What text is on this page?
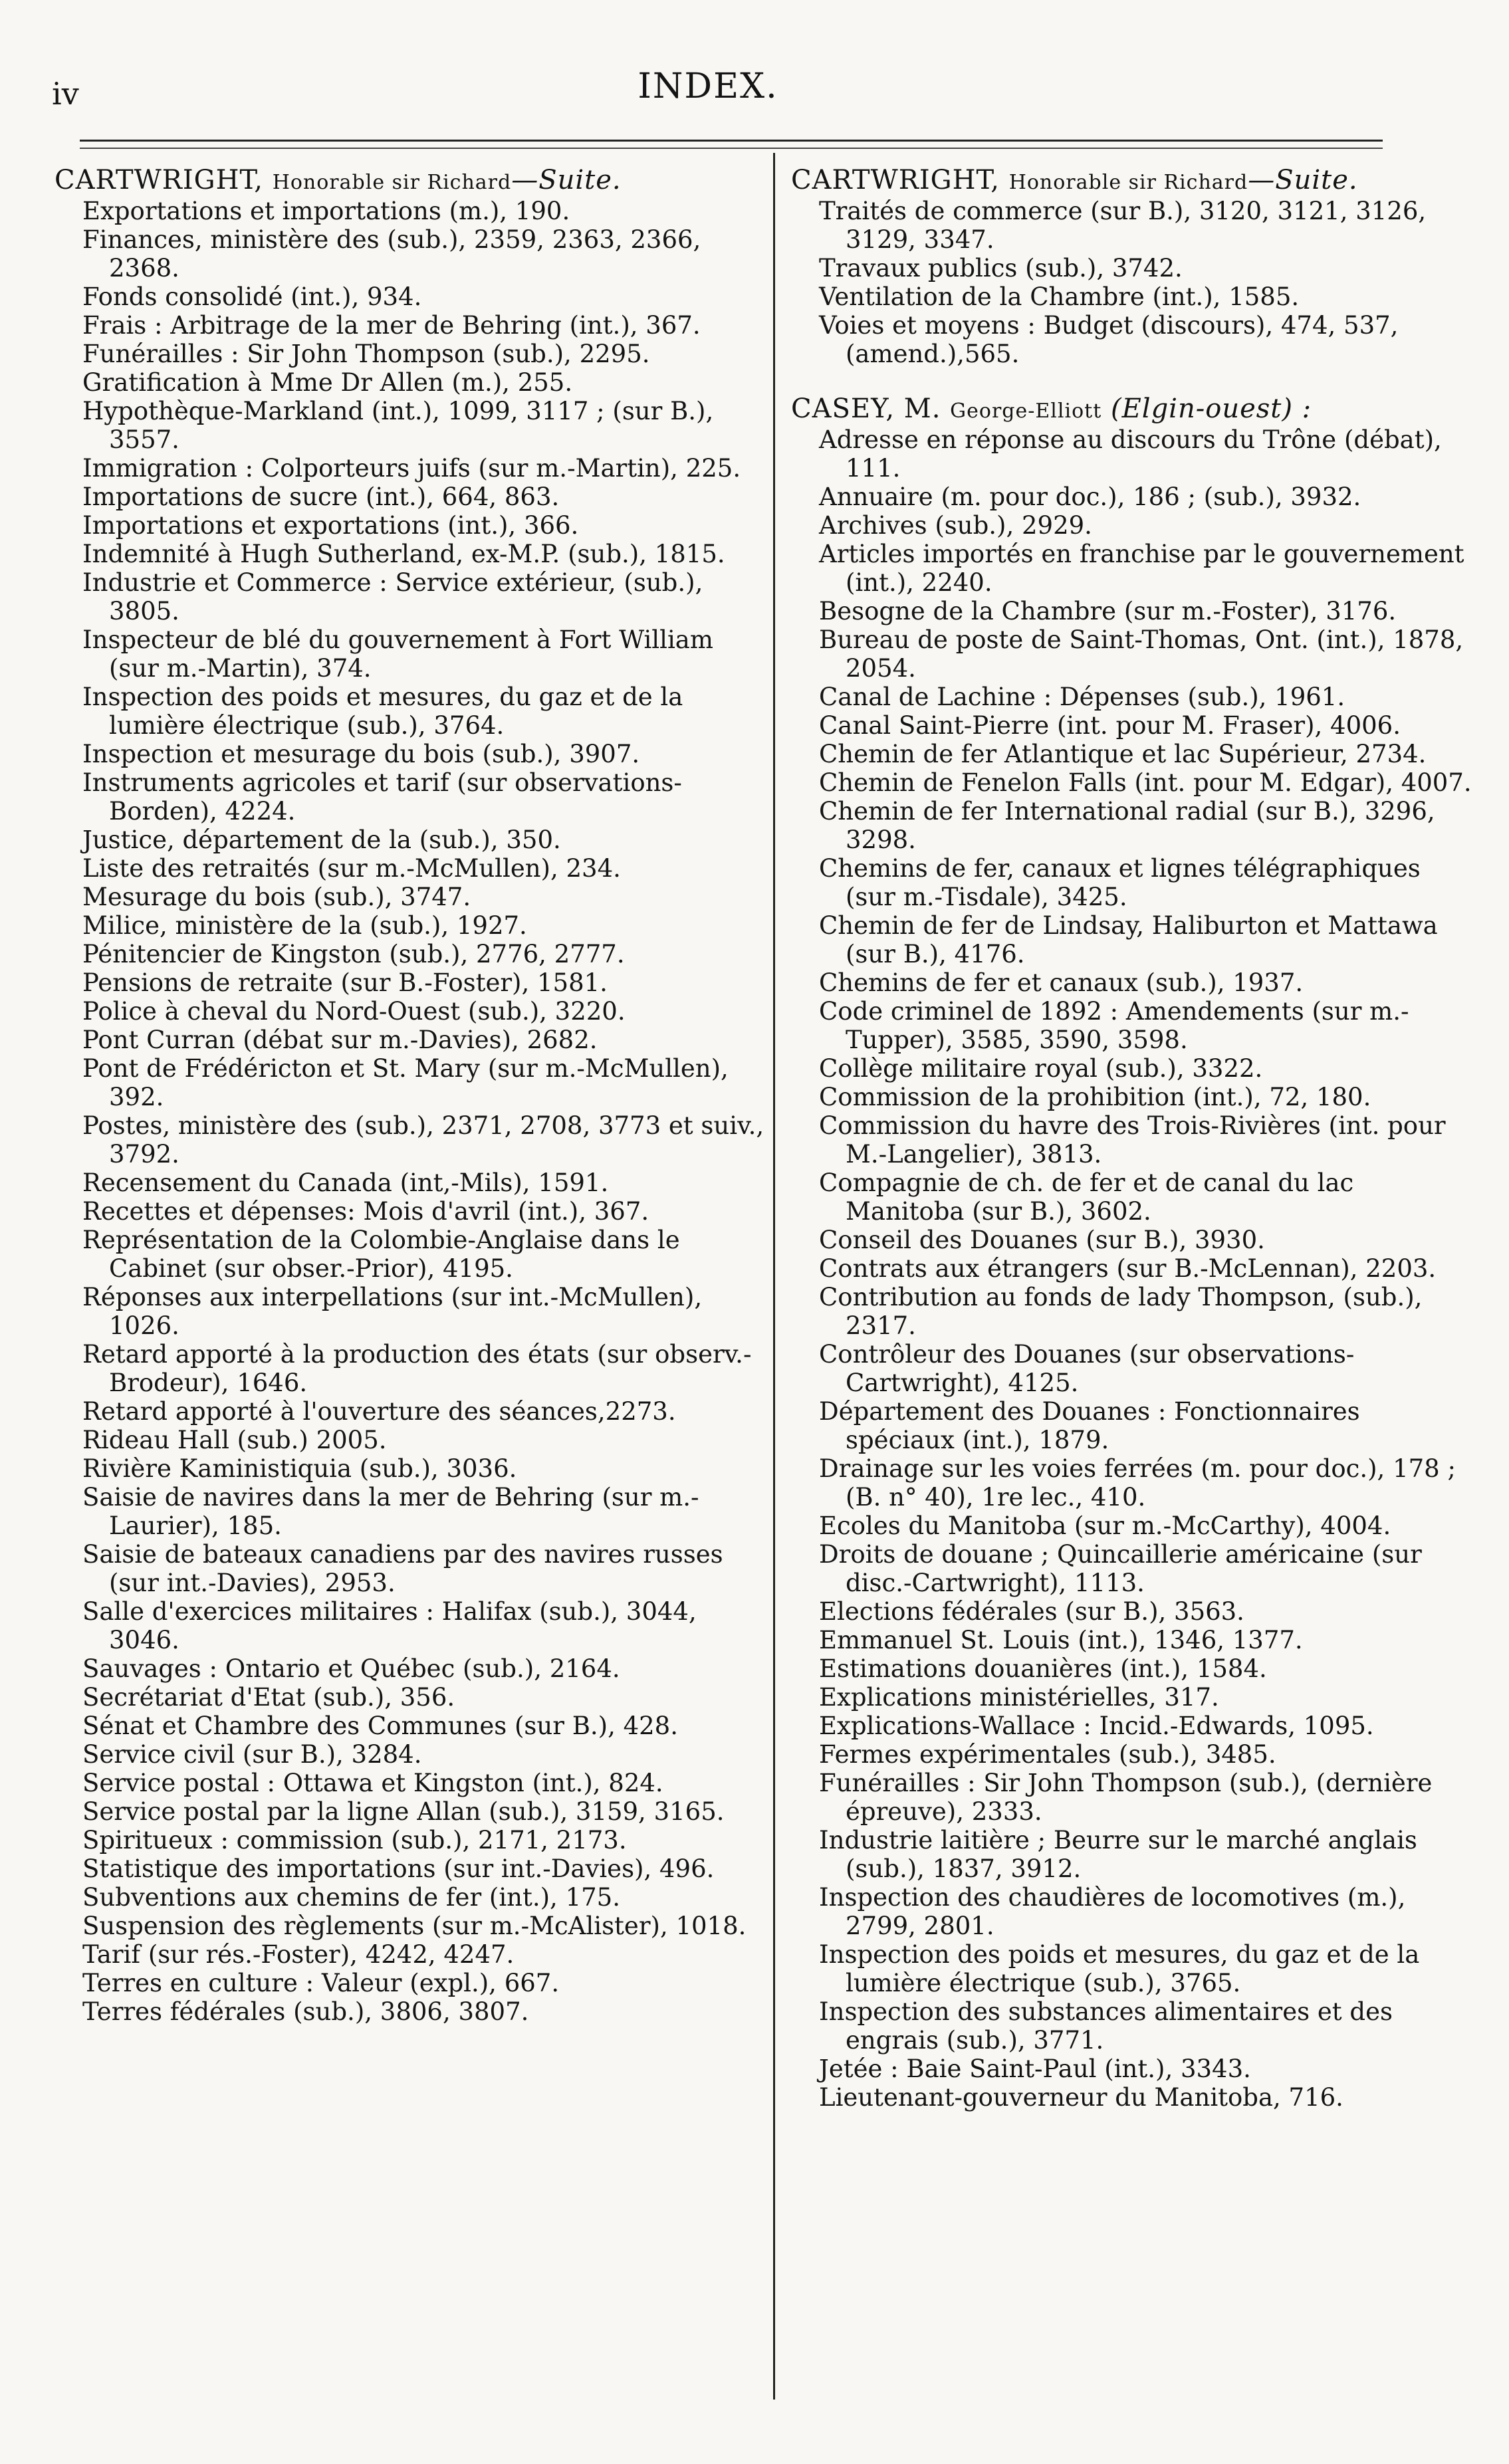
iv	INDEX.
CARTWRIGHT, Honorable sir Richard—Suite.
Exportations et importations (m.), 190.
Finances, ministère des (sub.), 2359, 2363, 2366, 2368.
Fonds consolidé (int.), 934.
Frais : Arbitrage de la mer de Behring (int.), 367.
Funérailles : Sir John Thompson (sub.), 2295.
Gratification à Mme Dr Allen (m.), 255.
Hypothèque-Markland (int.), 1099, 3117 ; (sur B.), 3557.
Immigration : Colporteurs juifs (sur m.-Martin), 225.
Importations de sucre (int.), 664, 863.
Importations et exportations (int.), 366.
Indemnité à Hugh Sutherland, ex-M.P. (sub.), 1815.
Industrie et Commerce : Service extérieur, (sub.), 3805.
Inspecteur de blé du gouvernement à Fort William (sur m.-Martin), 374.
Inspection des poids et mesures, du gaz et de la lumière électrique (sub.), 3764.
Inspection et mesurage du bois (sub.), 3907.
Instruments agricoles et tarif (sur observations-Borden), 4224.
Justice, département de la (sub.), 350.
Liste des retraités (sur m.-McMullen), 234.
Mesurage du bois (sub.), 3747.
Milice, ministère de la (sub.), 1927.
Pénitencier de Kingston (sub.), 2776, 2777.
Pensions de retraite (sur B.-Foster), 1581.
Police à cheval du Nord-Ouest (sub.), 3220.
Pont Curran (débat sur m.-Davies), 2682.
Pont de Frédéricton et St. Mary (sur m.-McMullen), 392.
Postes, ministère des (sub.), 2371, 2708, 3773 et suiv., 3792.
Recensement du Canada (int,-Mils), 1591.
Recettes et dépenses: Mois d'avril (int.), 367.
Représentation de la Colombie-Anglaise dans le Cabinet (sur obser.-Prior), 4195.
Réponses aux interpellations (sur int.-McMullen), 1026.
Retard apporté à la production des états (sur observ.-Brodeur), 1646.
Retard apporté à l'ouverture des séances,2273.
Rideau Hall (sub.) 2005.
Rivière Kaministiquia (sub.), 3036.
Saisie de navires dans la mer de Behring (sur m.-Laurier), 185.
Saisie de bateaux canadiens par des navires russes (sur int.-Davies), 2953.
Salle d'exercices militaires : Halifax (sub.), 3044, 3046.
Sauvages : Ontario et Québec (sub.), 2164.
Secrétariat d'Etat (sub.), 356.
Sénat et Chambre des Communes (sur B.), 428.
Service civil (sur B.), 3284.
Service postal : Ottawa et Kingston (int.), 824.
Service postal par la ligne Allan (sub.), 3159, 3165.
Spiritueux : commission (sub.), 2171, 2173.
Statistique des importations (sur int.-Davies), 496.
Subventions aux chemins de fer (int.), 175.
Suspension des règlements (sur m.-McAlister), 1018.
Tarif (sur rés.-Foster), 4242, 4247.
Terres en culture : Valeur (expl.), 667.
Terres fédérales (sub.), 3806, 3807.
CARTWRIGHT, Honorable sir Richard—Suite.
Traités de commerce (sur B.), 3120, 3121, 3126, 3129, 3347.
Travaux publics (sub.), 3742.
Ventilation de la Chambre (int.), 1585.
Voies et moyens : Budget (discours), 474, 537, (amend.),565.
CASEY, M. George-Elliott (Elgin-ouest) :
Adresse en réponse au discours du Trône (débat), 111.
Annuaire (m. pour doc.), 186 ; (sub.), 3932.
Archives (sub.), 2929.
Articles importés en franchise par le gouvernement (int.), 2240.
Besogne de la Chambre (sur m.-Foster), 3176.
Bureau de poste de Saint-Thomas, Ont. (int.), 1878, 2054.
Canal de Lachine : Dépenses (sub.), 1961.
Canal Saint-Pierre (int. pour M. Fraser), 4006.
Chemin de fer Atlantique et lac Supérieur, 2734.
Chemin de Fenelon Falls (int. pour M. Edgar), 4007.
Chemin de fer International radial (sur B.), 3296, 3298.
Chemins de fer, canaux et lignes télégraphiques (sur m.-Tisdale), 3425.
Chemin de fer de Lindsay, Haliburton et Mattawa (sur B.), 4176.
Chemins de fer et canaux (sub.), 1937.
Code criminel de 1892 : Amendements (sur m.-Tupper), 3585, 3590, 3598.
Collège militaire royal (sub.), 3322.
Commission de la prohibition (int.), 72, 180.
Commission du havre des Trois-Rivières (int. pour M.-Langelier), 3813.
Compagnie de ch. de fer et de canal du lac Manitoba (sur B.), 3602.
Conseil des Douanes (sur B.), 3930.
Contrats aux étrangers (sur B.-McLennan), 2203.
Contribution au fonds de lady Thompson, (sub.), 2317.
Contrôleur des Douanes (sur observations-Cartwright), 4125.
Département des Douanes : Fonctionnaires spéciaux (int.), 1879.
Drainage sur les voies ferrées (m. pour doc.), 178 ; (B. n° 40), 1re lec., 410.
Ecoles du Manitoba (sur m.-McCarthy), 4004.
Droits de douane ; Quincaillerie américaine (sur disc.-Cartwright), 1113.
Elections fédérales (sur B.), 3563.
Emmanuel St. Louis (int.), 1346, 1377.
Estimations douanières (int.), 1584.
Explications ministérielles, 317.
Explications-Wallace : Incid.-Edwards, 1095.
Fermes expérimentales (sub.), 3485.
Funérailles : Sir John Thompson (sub.), (dernière épreuve), 2333.
Industrie laitière ; Beurre sur le marché anglais (sub.), 1837, 3912.
Inspection des chaudières de locomotives (m.), 2799, 2801.
Inspection des poids et mesures, du gaz et de la lumière électrique (sub.), 3765.
Inspection des substances alimentaires et des engrais (sub.), 3771.
Jetée : Baie Saint-Paul (int.), 3343.
Lieutenant-gouverneur du Manitoba, 716.
